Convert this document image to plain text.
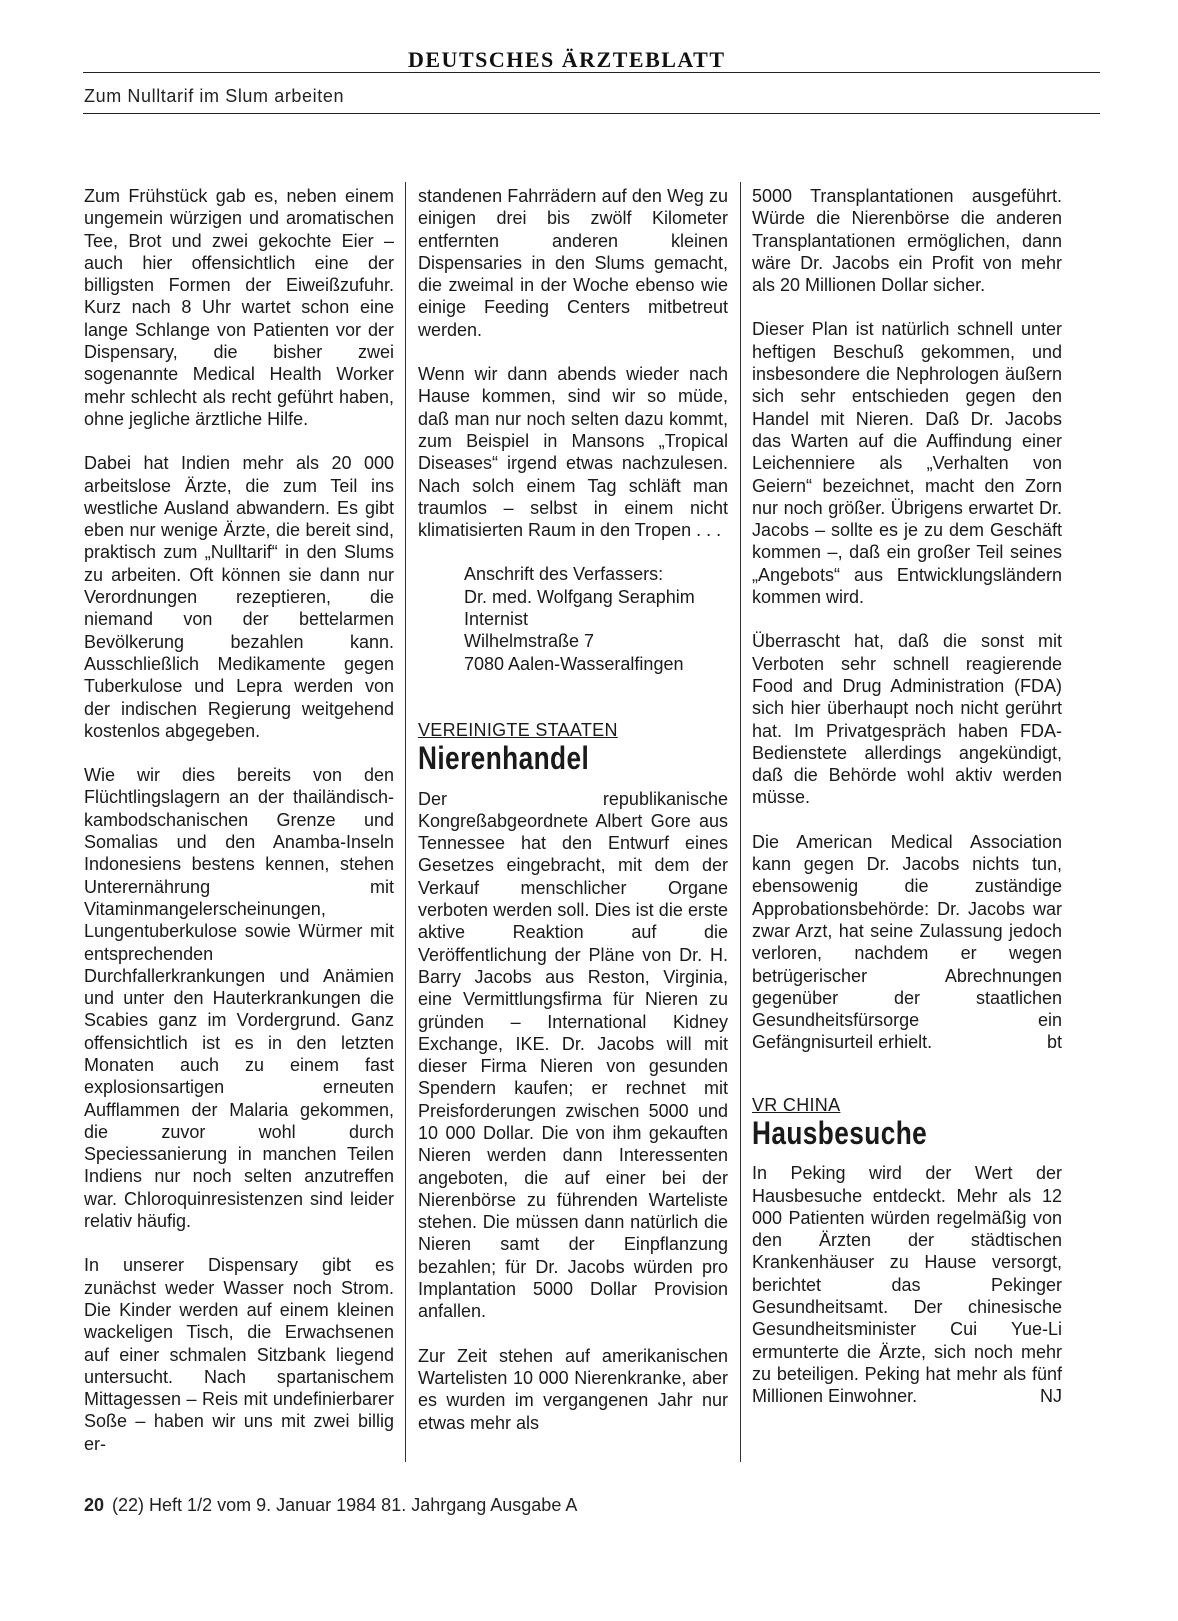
DEUTSCHES ÄRZTEBLATT
Zum Nulltarif im Slum arbeiten

Zum Frühstück gab es, neben einem ungemein würzigen und aromatischen Tee, Brot und zwei gekochte Eier – auch hier offensichtlich eine der billigsten Formen der Eiweißzufuhr. Kurz nach 8 Uhr wartet schon eine lange Schlange von Patienten vor der Dispensary, die bisher zwei sogenannte Medical Health Worker mehr schlecht als recht geführt haben, ohne jegliche ärztliche Hilfe.

Dabei hat Indien mehr als 20 000 arbeitslose Ärzte, die zum Teil ins westliche Ausland abwandern. Es gibt eben nur wenige Ärzte, die bereit sind, praktisch zum „Nulltarif“ in den Slums zu arbeiten. Oft können sie dann nur Verordnungen rezeptieren, die niemand von der bettelarmen Bevölkerung bezahlen kann. Ausschließlich Medikamente gegen Tuberkulose und Lepra werden von der indischen Regierung weitgehend kostenlos abgegeben.

Wie wir dies bereits von den Flüchtlingslagern an der thailändisch-kambodschanischen Grenze und Somalias und den Anamba-Inseln Indonesiens bestens kennen, stehen Unterernährung mit Vitaminmangelerscheinungen, Lungentuberkulose sowie Würmer mit entsprechenden Durchfallerkrankungen und Anämien und unter den Hauterkrankungen die Scabies ganz im Vordergrund. Ganz offensichtlich ist es in den letzten Monaten auch zu einem fast explosionsartigen erneuten Aufflammen der Malaria gekommen, die zuvor wohl durch Speciessanierung in manchen Teilen Indiens nur noch selten anzutreffen war. Chloroquinresistenzen sind leider relativ häufig.

In unserer Dispensary gibt es zunächst weder Wasser noch Strom. Die Kinder werden auf einem kleinen wackeligen Tisch, die Erwachsenen auf einer schmalen Sitzbank liegend untersucht. Nach spartanischem Mittagessen – Reis mit undefinierbarer Soße – haben wir uns mit zwei billig er-

standenen Fahrrädern auf den Weg zu einigen drei bis zwölf Kilometer entfernten anderen kleinen Dispensaries in den Slums gemacht, die zweimal in der Woche ebenso wie einige Feeding Centers mitbetreut werden.

Wenn wir dann abends wieder nach Hause kommen, sind wir so müde, daß man nur noch selten dazu kommt, zum Beispiel in Mansons „Tropical Diseases“ irgend etwas nachzulesen. Nach solch einem Tag schläft man traumlos – selbst in einem nicht klimatisierten Raum in den Tropen . . .

Anschrift des Verfassers:
Dr. med. Wolfgang Seraphim
Internist
Wilhelmstraße 7
7080 Aalen-Wasseralfingen
VEREINIGTE STAATEN
Nierenhandel

Der republikanische Kongreßabgeordnete Albert Gore aus Tennessee hat den Entwurf eines Gesetzes eingebracht, mit dem der Verkauf menschlicher Organe verboten werden soll. Dies ist die erste aktive Reaktion auf die Veröffentlichung der Pläne von Dr. H. Barry Jacobs aus Reston, Virginia, eine Vermittlungsfirma für Nieren zu gründen – International Kidney Exchange, IKE. Dr. Jacobs will mit dieser Firma Nieren von gesunden Spendern kaufen; er rechnet mit Preisforderungen zwischen 5000 und 10 000 Dollar. Die von ihm gekauften Nieren werden dann Interessenten angeboten, die auf einer bei der Nierenbörse zu führenden Warteliste stehen. Die müssen dann natürlich die Nieren samt der Einpflanzung bezahlen; für Dr. Jacobs würden pro Implantation 5000 Dollar Provision anfallen.

Zur Zeit stehen auf amerikanischen Wartelisten 10 000 Nierenkranke, aber es wurden im vergangenen Jahr nur etwas mehr als

5000 Transplantationen ausgeführt. Würde die Nierenbörse die anderen Transplantationen ermöglichen, dann wäre Dr. Jacobs ein Profit von mehr als 20 Millionen Dollar sicher.

Dieser Plan ist natürlich schnell unter heftigen Beschuß gekommen, und insbesondere die Nephrologen äußern sich sehr entschieden gegen den Handel mit Nieren. Daß Dr. Jacobs das Warten auf die Auffindung einer Leichenniere als „Verhalten von Geiern“ bezeichnet, macht den Zorn nur noch größer. Übrigens erwartet Dr. Jacobs – sollte es je zu dem Geschäft kommen –, daß ein großer Teil seines „Angebots“ aus Entwicklungsländern kommen wird.

Überrascht hat, daß die sonst mit Verboten sehr schnell reagierende Food and Drug Administration (FDA) sich hier überhaupt noch nicht gerührt hat. Im Privatgespräch haben FDA-Bedienstete allerdings angekündigt, daß die Behörde wohl aktiv werden müsse.

Die American Medical Association kann gegen Dr. Jacobs nichts tun, ebensowenig die zuständige Approbationsbehörde: Dr. Jacobs war zwar Arzt, hat seine Zulassung jedoch verloren, nachdem er wegen betrügerischer Abrechnungen gegenüber der staatlichen Gesundheitsfürsorge ein Gefängnisurteil erhielt.	bt

VR CHINA
Hausbesuche

In Peking wird der Wert der Hausbesuche entdeckt. Mehr als 12 000 Patienten würden regelmäßig von den Ärzten der städtischen Krankenhäuser zu Hause versorgt, berichtet das Pekinger Gesundheitsamt. Der chinesische Gesundheitsminister Cui Yue-Li ermunterte die Ärzte, sich noch mehr zu beteiligen. Peking hat mehr als fünf Millionen Einwohner.	NJ

20 (22) Heft 1/2 vom 9. Januar 1984 81. Jahrgang Ausgabe A
